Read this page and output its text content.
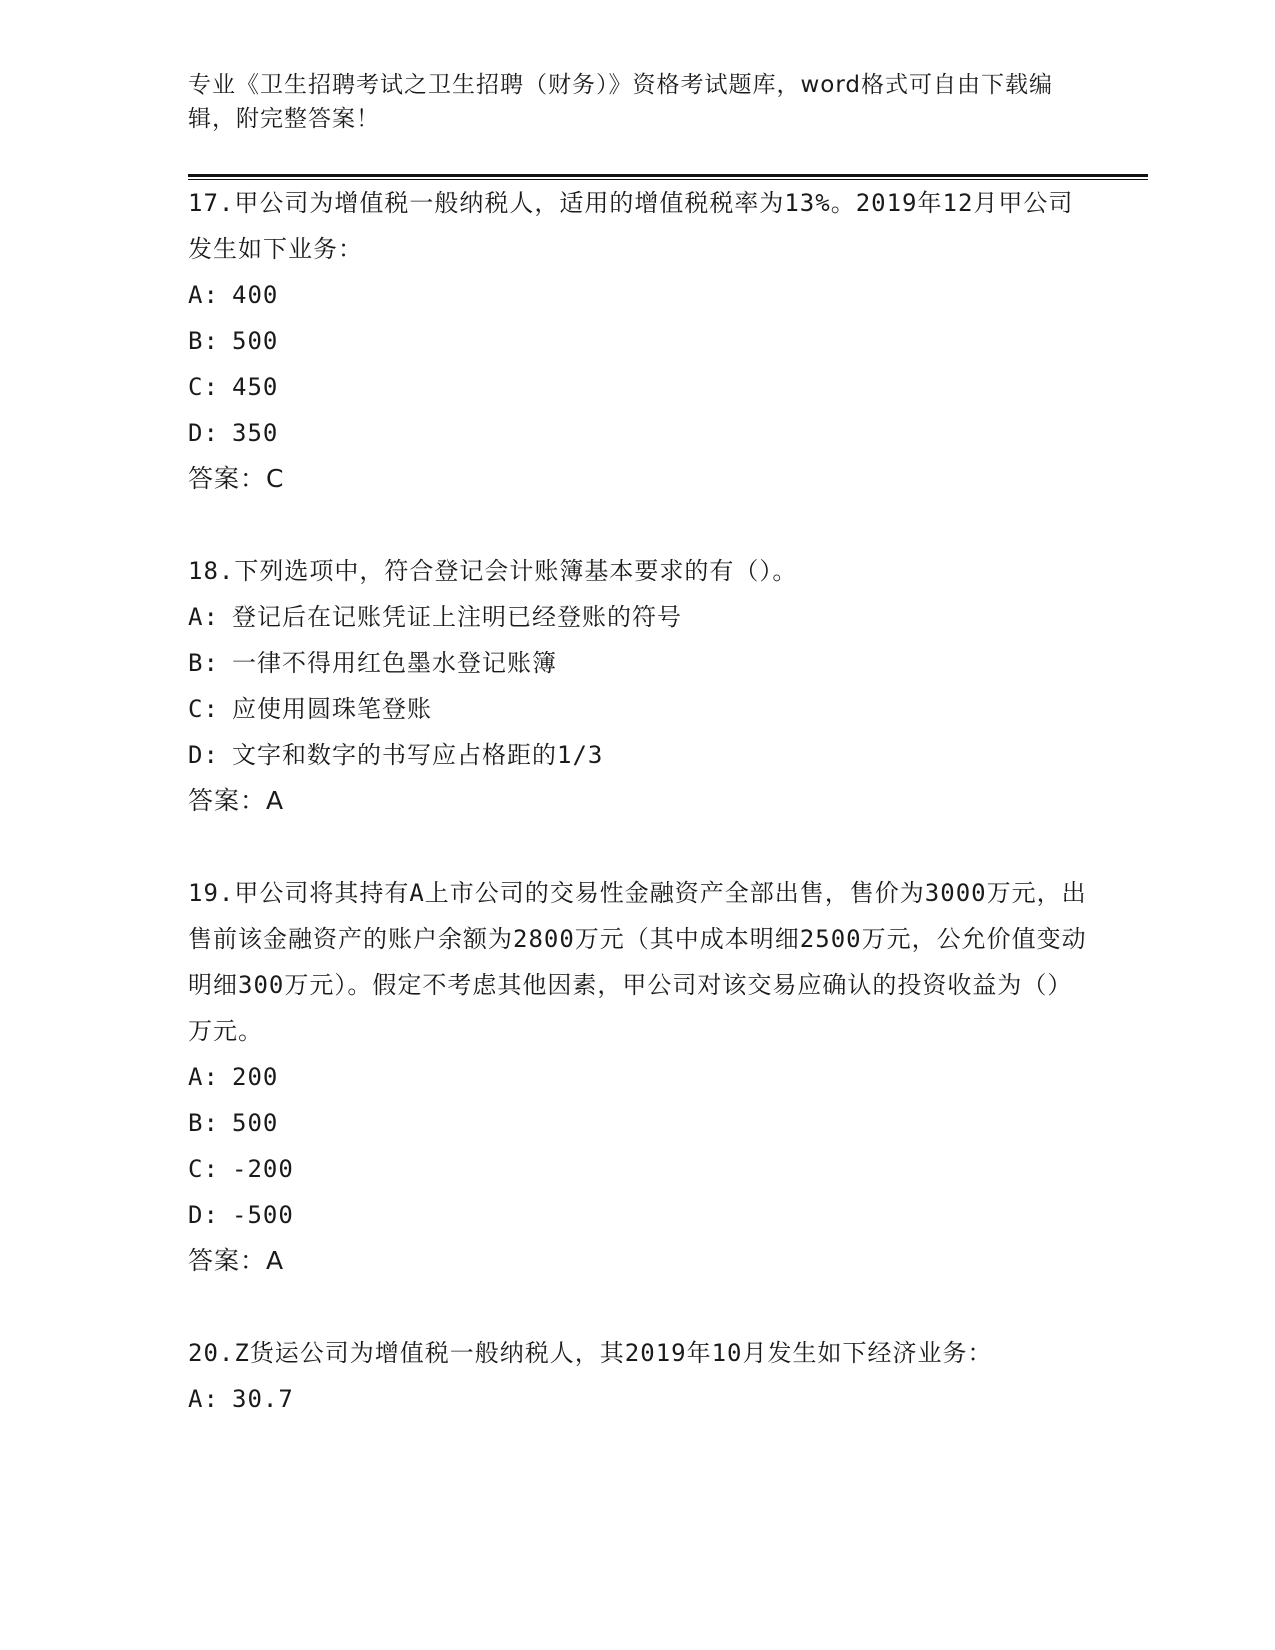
专业《卫生招聘考试之卫生招聘（财务）》资格考试题库，word格式可自由下载编辑，附完整答案！
17.甲公司为增值税一般纳税人，适用的增值税税率为13%。2019年12月甲公司发生如下业务：
A: 400
B: 500
C: 450
D: 350
答案：C
18.下列选项中，符合登记会计账簿基本要求的有（）。
A: 登记后在记账凭证上注明已经登账的符号
B: 一律不得用红色墨水登记账簿
C: 应使用圆珠笔登账
D: 文字和数字的书写应占格距的1/3
答案：A
19.甲公司将其持有A上市公司的交易性金融资产全部出售，售价为3000万元，出售前该金融资产的账户余额为2800万元（其中成本明细2500万元，公允价值变动明细300万元）。假定不考虑其他因素，甲公司对该交易应确认的投资收益为（）万元。
A: 200
B: 500
C: -200
D: -500
答案：A
20.Z货运公司为增值税一般纳税人，其2019年10月发生如下经济业务：
A: 30.7
